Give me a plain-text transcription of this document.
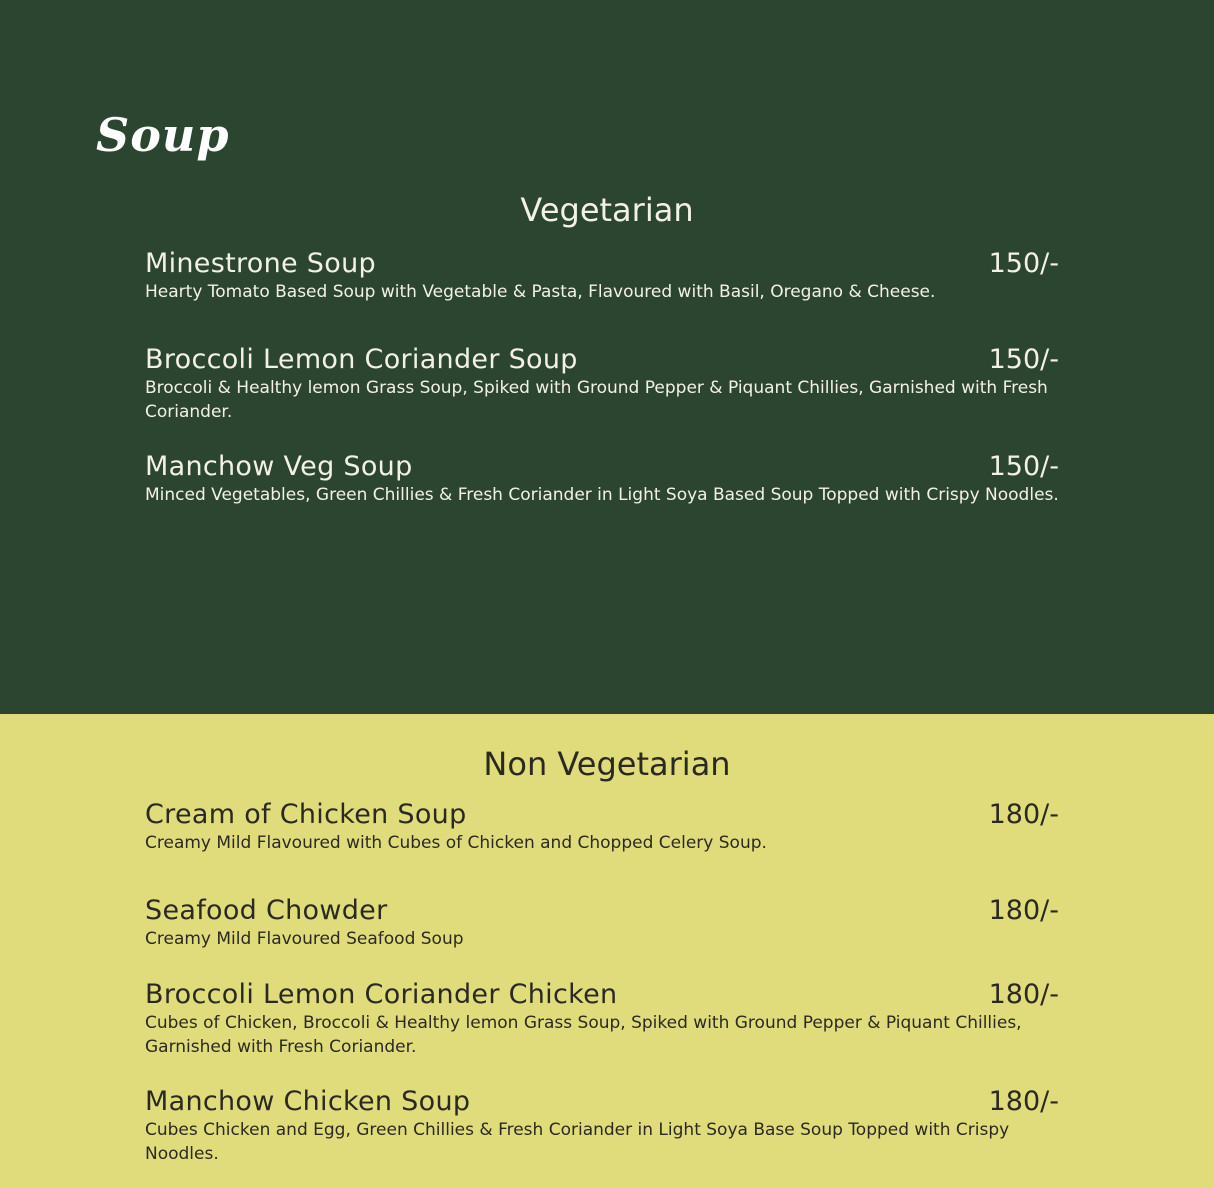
Soup
Vegetarian
Minestrone Soup	150/-
Hearty Tomato Based Soup with Vegetable & Pasta, Flavoured with Basil, Oregano & Cheese.
Broccoli Lemon Coriander Soup	150/-
Broccoli & Healthy lemon Grass Soup, Spiked with Ground Pepper & Piquant Chillies, Garnished with Fresh Coriander.
Manchow Veg Soup	150/-
Minced Vegetables, Green Chillies & Fresh Coriander in Light Soya Based Soup Topped with Crispy Noodles.
Non Vegetarian
Cream of Chicken Soup	180/-
Creamy Mild Flavoured with Cubes of Chicken and Chopped Celery Soup.
Seafood Chowder	180/-
Creamy Mild Flavoured Seafood Soup
Broccoli Lemon Coriander Chicken	180/-
Cubes of Chicken, Broccoli & Healthy lemon Grass Soup, Spiked with Ground Pepper & Piquant Chillies, Garnished with Fresh Coriander.
Manchow Chicken Soup	180/-
Cubes Chicken and Egg, Green Chillies & Fresh Coriander in Light Soya Base Soup Topped with Crispy Noodles.
